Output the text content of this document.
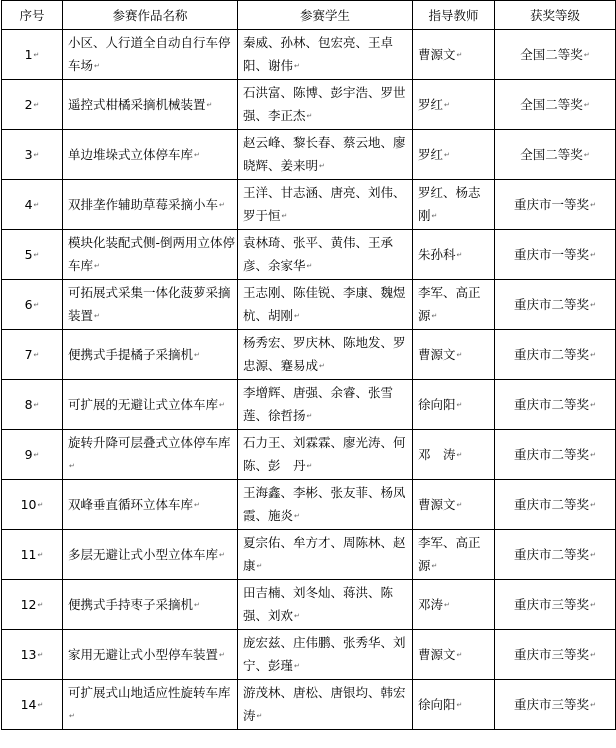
序号	参赛作品名称	参赛学生	指导教师	获奖等级
1↵	小区、人行道全自动自行车停车场↵	秦威、孙林、包宏亮、王卓阳、谢伟↵	曹源文↵	全国二等奖↵
2↵	遥控式柑橘采摘机械装置↵	石洪富、陈博、彭宇浩、罗世强、李正杰↵	罗红↵	全国二等奖↵
3↵	单边堆垛式立体停车库↵	赵云峰、黎长春、蔡云地、廖晓辉、姜来明↵	罗红↵	全国二等奖↵
4↵	双排垄作辅助草莓采摘小车↵	王洋、甘志涵、唐亮、刘伟、罗于恒↵	罗红、杨志刚↵	重庆市一等奖↵
5↵	模块化装配式侧-倒两用立体停车库↵	袁林琦、张平、黄伟、王承彦、余家华↵	朱孙科↵	重庆市一等奖↵
6↵	可拓展式采集一体化菠萝采摘装置↵	王志刚、陈佳锐、李康、魏煜杭、胡刚↵	李军、高正源↵	重庆市二等奖↵
7↵	便携式手提橘子采摘机↵	杨秀宏、罗庆林、陈地发、罗忠源、蹇易成↵	曹源文↵	重庆市二等奖↵
8↵	可扩展的无避让式立体车库↵	李增辉、唐强、余睿、张雪莲、徐哲扬↵	徐向阳↵	重庆市二等奖↵
9↵	旋转升降可层叠式立体停车库↵	石力王、刘霖霖、廖光涛、何　陈、彭　丹↵	邓　涛↵	重庆市二等奖↵
10↵	双峰垂直循环立体车库↵	王海鑫、李彬、张友菲、杨凤霞、施炎↵	曹源文↵	重庆市二等奖↵
11↵	多层无避让式小型立体车库↵	夏宗佑、牟方才、周陈林、赵康↵	李军、高正源↵	重庆市二等奖↵
12↵	便携式手持枣子采摘机↵	田吉楠、刘冬灿、蒋洪、陈强、刘欢↵	邓涛↵	重庆市三等奖↵
13↵	家用无避让式小型停车装置↵	庞宏兹、庄伟鹏、张秀华、刘宁、彭瑾↵	曹源文↵	重庆市三等奖↵
14↵	可扩展式山地适应性旋转车库↵	游茂林、唐松、唐银均、韩宏涛↵	徐向阳↵	重庆市三等奖↵
